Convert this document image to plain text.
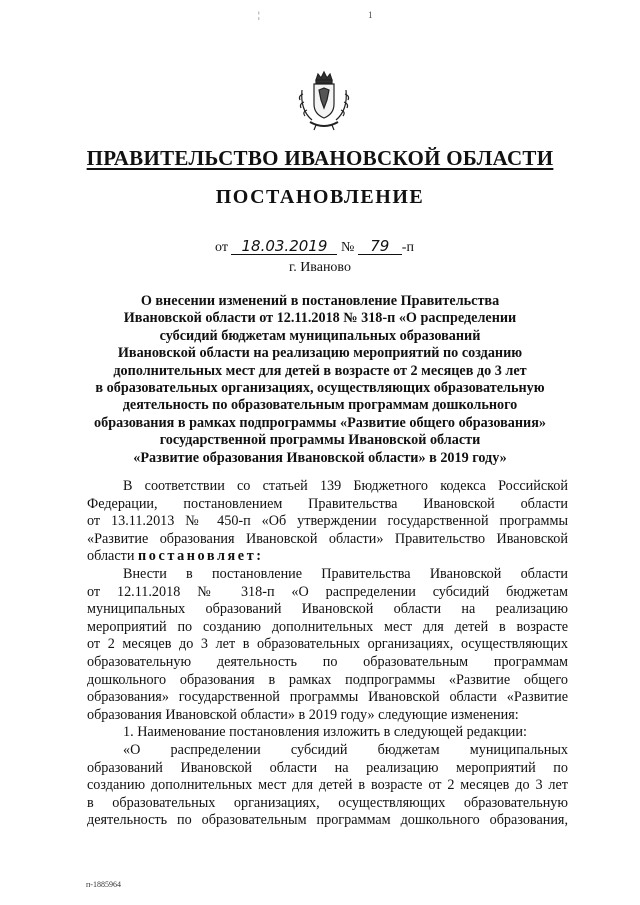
¦	1
ПРАВИТЕЛЬСТВО ИВАНОВСКОЙ ОБЛАСТИ
ПОСТАНОВЛЕНИЕ
от 18.03.2019 № 79 -п
г. Иваново
О внесении изменений в постановление Правительства
Ивановской области от 12.11.2018 № 318-п «О распределении
субсидий бюджетам муниципальных образований
Ивановской области на реализацию мероприятий по созданию
дополнительных мест для детей в возрасте от 2 месяцев до 3 лет
в образовательных организациях, осуществляющих образовательную
деятельность по образовательным программам дошкольного
образования в рамках подпрограммы «Развитие общего образования»
государственной программы Ивановской области
«Развитие образования Ивановской области» в 2019 году»
В соответствии со статьей 139 Бюджетного кодекса Российской
Федерации, постановлением Правительства Ивановской области
от 13.11.2013 № 450-п «Об утверждении государственной программы
«Развитие образования Ивановской области» Правительство Ивановской
области постановляет:
Внести в постановление Правительства Ивановской области
от 12.11.2018 № 318-п «О распределении субсидий бюджетам
муниципальных образований Ивановской области на реализацию
мероприятий по созданию дополнительных мест для детей в возрасте
от 2 месяцев до 3 лет в образовательных организациях, осуществляющих
образовательную деятельность по образовательным программам
дошкольного образования в рамках подпрограммы «Развитие общего
образования» государственной программы Ивановской области «Развитие
образования Ивановской области» в 2019 году» следующие изменения:
1. Наименование постановления изложить в следующей редакции:
«О распределении субсидий бюджетам муниципальных
образований Ивановской области на реализацию мероприятий по
созданию дополнительных мест для детей в возрасте от 2 месяцев до 3 лет
в образовательных организациях, осуществляющих образовательную
деятельность по образовательным программам дошкольного образования,
п-1885964
